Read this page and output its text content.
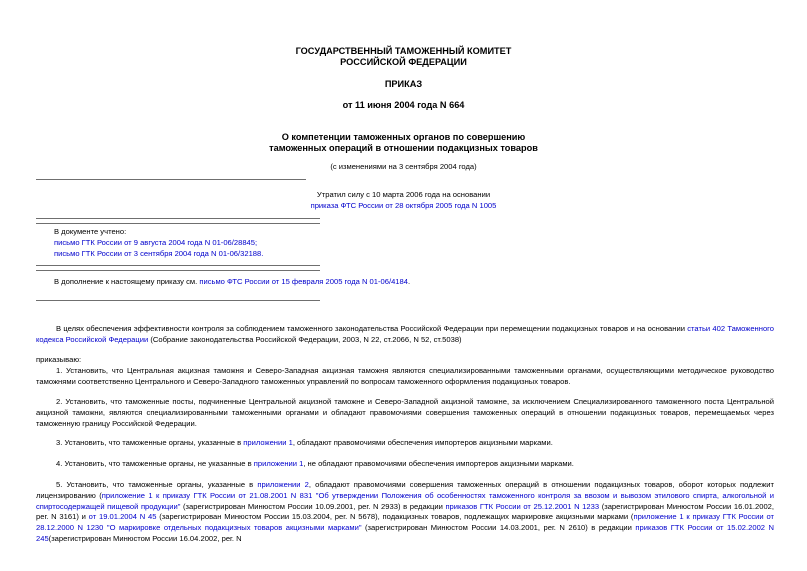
ГОСУДАРСТВЕННЫЙ ТАМОЖЕННЫЙ КОМИТЕТ
РОССИЙСКОЙ ФЕДЕРАЦИИ
ПРИКАЗ
от 11 июня 2004 года N 664
О компетенции таможенных органов по совершению
таможенных операций в отношении подакцизных товаров
(с изменениями на 3 сентября 2004 года)
Утратил силу с 10 марта 2006 года на основании
приказа ФТС России от 28 октября 2005 года N 1005
В документе учтено:
письмо ГТК России от 9 августа 2004 года N 01-06/28845;
письмо ГТК России от 3 сентября 2004 года N 01-06/32188.
В дополнение к настоящему приказу см. письмо ФТС России от 15 февраля 2005 года N 01-06/4184.
В целях обеспечения эффективности контроля за соблюдением таможенного законодательства Российской Федерации при перемещении подакцизных товаров и на основании статьи 402 Таможенного кодекса Российской Федерации (Собрание законодательства Российской Федерации, 2003, N 22, ст.2066, N 52, ст.5038)
приказываю:
1. Установить, что Центральная акцизная таможня и Северо-Западная акцизная таможня являются специализированными таможенными органами, осуществляющими методическое руководство таможнями соответственно Центрального и Северо-Западного таможенных управлений по вопросам таможенного оформления подакцизных товаров.
2. Установить, что таможенные посты, подчиненные Центральной акцизной таможне и Северо-Западной акцизной таможне, за исключением Специализированного таможенного поста Центральной акцизной таможни, являются специализированными таможенными органами и обладают правомочиями совершения таможенных операций в отношении подакцизных товаров, перемещаемых через таможенную границу Российской Федерации.
3. Установить, что таможенные органы, указанные в приложении 1, обладают правомочиями обеспечения импортеров акцизными марками.
4. Установить, что таможенные органы, не указанные в приложении 1, не обладают правомочиями обеспечения импортеров акцизными марками.
5. Установить, что таможенные органы, указанные в приложении 2, обладают правомочиями совершения таможенных операций в отношении подакцизных товаров, оборот которых подлежит лицензированию (приложение 1 к приказу ГТК России от 21.08.2001 N 831 "Об утверждении Положения об особенностях таможенного контроля за ввозом и вывозом этилового спирта, алкогольной и спиртосодержащей пищевой продукции" (зарегистрирован Минюстом России 10.09.2001, рег. N 2933) в редакции приказов ГТК России от 25.12.2001 N 1233 (зарегистрирован Минюстом России 16.01.2002, рег. N 3161) и от 19.01.2004 N 45 (зарегистрирован Минюстом России 15.03.2004, рег. N 5678), подакцизных товаров, подлежащих маркировке акцизными марками (приложение 1 к приказу ГТК России от 28.12.2000 N 1230 "О маркировке отдельных подакцизных товаров акцизными марками" (зарегистрирован Минюстом России 14.03.2001, рег. N 2610) в редакции приказов ГТК России от 15.02.2002 N 245(зарегистрирован Минюстом России 16.04.2002, рег. N
